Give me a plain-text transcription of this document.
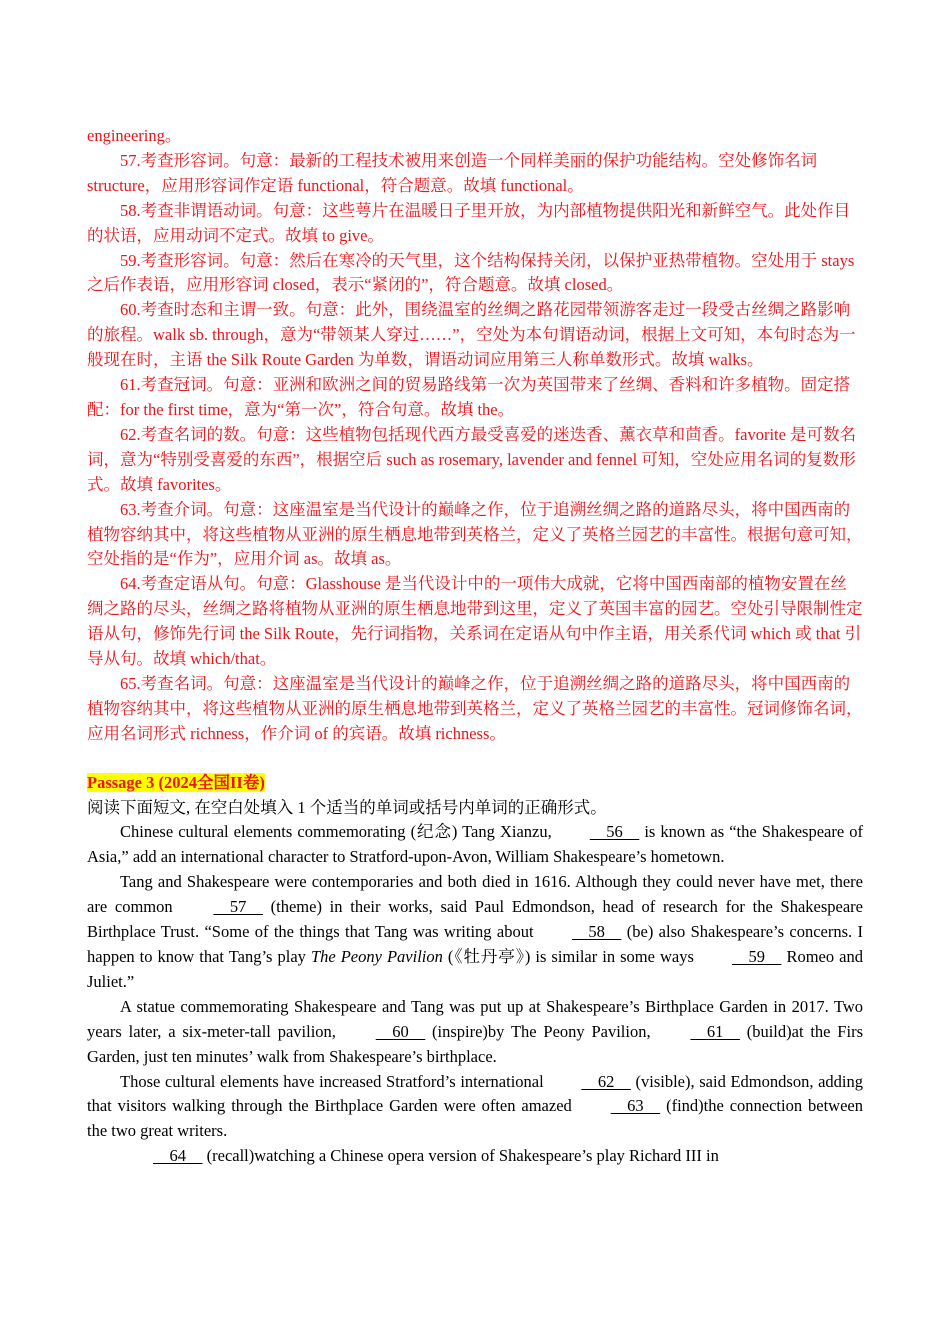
engineering。

57.考查形容词。句意：最新的工程技术被用来创造一个同样美丽的保护功能结构。空处修饰名词 structure，应用形容词作定语 functional，符合题意。故填 functional。

58.考查非谓语动词。句意：这些萼片在温暖日子里开放，为内部植物提供阳光和新鲜空气。此处作目的状语，应用动词不定式。故填 to give。

59.考查形容词。句意：然后在寒冷的天气里，这个结构保持关闭，以保护亚热带植物。空处用于 stays 之后作表语，应用形容词 closed，表示“紧闭的”，符合题意。故填 closed。

60.考查时态和主谓一致。句意：此外，围绕温室的丝绸之路花园带领游客走过一段受古丝绸之路影响的旅程。walk sb. through，意为“带领某人穿过……”，空处为本句谓语动词，根据上文可知，本句时态为一般现在时，主语 the Silk Route Garden 为单数，谓语动词应用第三人称单数形式。故填 walks。

61.考查冠词。句意：亚洲和欧洲之间的贸易路线第一次为英国带来了丝绸、香料和许多植物。固定搭配：for the first time，意为“第一次”，符合句意。故填 the。

62.考查名词的数。句意：这些植物包括现代西方最受喜爱的迷迭香、薰衣草和茴香。favorite 是可数名词，意为“特别受喜爱的东西”，根据空后 such as rosemary, lavender and fennel 可知，空处应用名词的复数形式。故填 favorites。

63.考查介词。句意：这座温室是当代设计的巅峰之作，位于追溯丝绸之路的道路尽头，将中国西南的植物容纳其中，将这些植物从亚洲的原生栖息地带到英格兰，定义了英格兰园艺的丰富性。根据句意可知，空处指的是“作为”，应用介词 as。故填 as。

64.考查定语从句。句意：Glasshouse 是当代设计中的一项伟大成就，它将中国西南部的植物安置在丝绸之路的尽头，丝绸之路将植物从亚洲的原生栖息地带到这里，定义了英国丰富的园艺。空处引导限制性定语从句，修饰先行词 the Silk Route，先行词指物，关系词在定语从句中作主语，用关系代词 which 或 that 引导从句。故填 which/that。

65.考查名词。句意：这座温室是当代设计的巅峰之作，位于追溯丝绸之路的道路尽头，将中国西南的植物容纳其中，将这些植物从亚洲的原生栖息地带到英格兰，定义了英格兰园艺的丰富性。冠词修饰名词，应用名词形式 richness，作介词 of 的宾语。故填 richness。

Passage 3 (2024全国II卷)

阅读下面短文, 在空白处填入 1 个适当的单词或括号内单词的正确形式。

Chinese cultural elements commemorating (纪念) Tang Xianzu,     56     is known as “the Shakespeare of Asia,” add an international character to Stratford-upon-Avon, William Shakespeare’s hometown.

Tang and Shakespeare were contemporaries and both died in 1616. Although they could never have met, there are common     57     (theme) in their works, said Paul Edmondson, head of research for the Shakespeare Birthplace Trust. “Some of the things that Tang was writing about     58     (be) also Shakespeare’s concerns. I happen to know that Tang’s play The Peony Pavilion (《牡丹亭》) is similar in some ways     59     Romeo and Juliet.”

A statue commemorating Shakespeare and Tang was put up at Shakespeare’s Birthplace Garden in 2017. Two years later, a six-meter-tall pavilion,     60     (inspire)by The Peony Pavilion,     61     (build)at the Firs Garden, just ten minutes’ walk from Shakespeare’s birthplace.

Those cultural elements have increased Stratford’s international     62     (visible), said Edmondson, adding that visitors walking through the Birthplace Garden were often amazed     63     (find)the connection between the two great writers.

64     (recall)watching a Chinese opera version of Shakespeare’s play Richard III in
